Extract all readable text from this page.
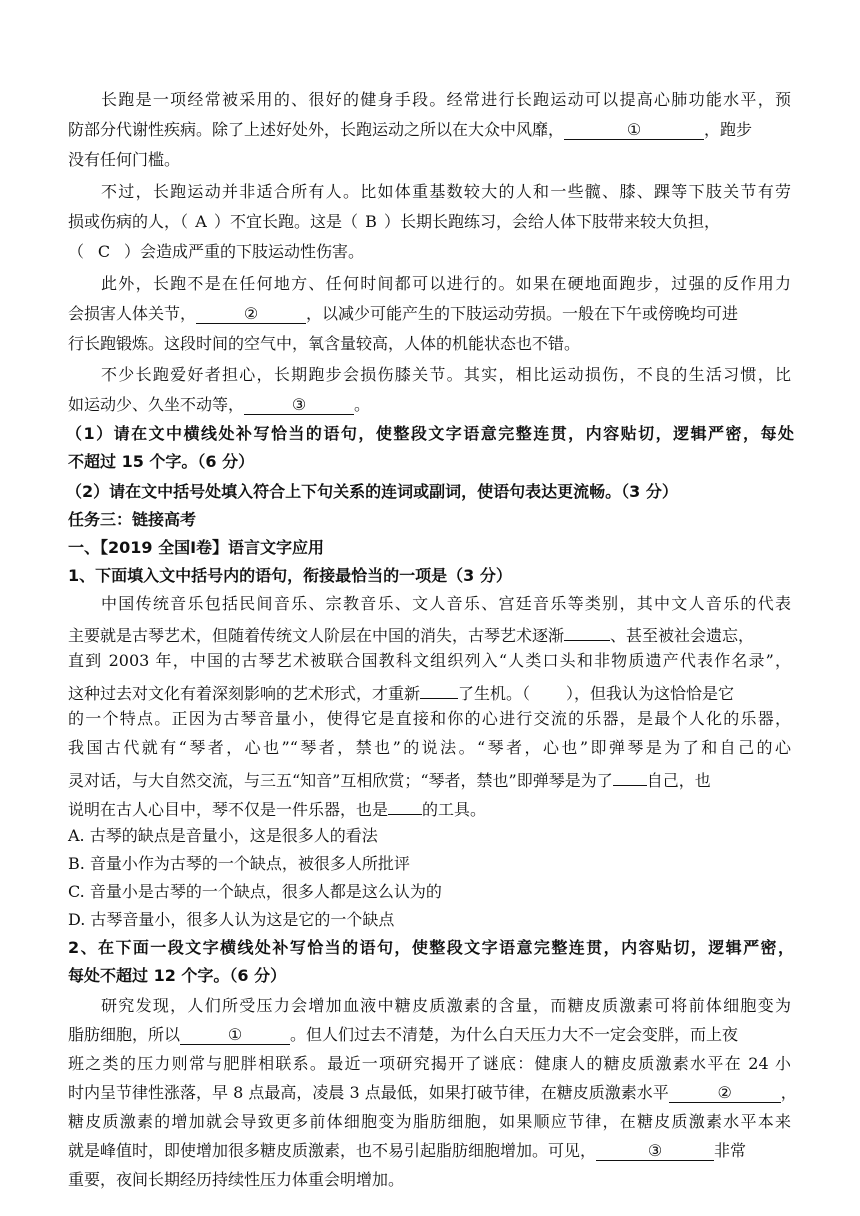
长跑是一项经常被采用的、很好的健身手段。经常进行长跑运动可以提高心肺功能水平，预
防部分代谢性疾病。除了上述好处外，长跑运动之所以在大众中风靡，	①	，跑步
没有任何门槛。
不过，长跑运动并非适合所有人。比如体重基数较大的人和一些髋、膝、踝等下肢关节有劳
损或伤病的人，（ A ）不宜长跑。这是（ B ）长期长跑练习，会给人体下肢带来较大负担，
（ C ）会造成严重的下肢运动性伤害。
此外，长跑不是在任何地方、任何时间都可以进行的。如果在硬地面跑步，过强的反作用力
会损害人体关节，	②	，以减少可能产生的下肢运动劳损。一般在下午或傍晚均可进
行长跑锻炼。这段时间的空气中，氧含量较高，人体的机能状态也不错。
不少长跑爱好者担心，长期跑步会损伤膝关节。其实，相比运动损伤，不良的生活习惯，比
如运动少、久坐不动等，	③	。
（1）请在文中横线处补写恰当的语句，使整段文字语意完整连贯，内容贴切，逻辑严密，每处
不超过 15 个字。（6 分）
（2）请在文中括号处填入符合上下句关系的连词或副词，使语句表达更流畅。（3 分）
任务三：链接高考
一、【2019 全国Ⅰ卷】语言文字应用
1、下面填入文中括号内的语句，衔接最恰当的一项是（3 分）
中国传统音乐包括民间音乐、宗教音乐、文人音乐、宫廷音乐等类别，其中文人音乐的代表
主要就是古琴艺术，但随着传统文人阶层在中国的消失，古琴艺术逐渐	、甚至被社会遗忘，
直到 2003 年，中国的古琴艺术被联合国教科文组织列入“人类口头和非物质遗产代表作名录”，
这种过去对文化有着深刻影响的艺术形式，才重新 了生机。（ ），但我认为这恰恰是它
的一个特点。正因为古琴音量小，使得它是直接和你的心进行交流的乐器，是最个人化的乐器，
我国古代就有“琴者，心也”“琴者，禁也”的说法。“琴者，心也”即弹琴是为了和自己的心
灵对话，与大自然交流，与三五“知音”互相欣赏；“琴者，禁也”即弹琴是为了 自己，也
说明在古人心目中，琴不仅是一件乐器，也是 的工具。
A. 古琴的缺点是音量小，这是很多人的看法
B. 音量小作为古琴的一个缺点，被很多人所批评
C. 音量小是古琴的一个缺点，很多人都是这么认为的
D. 古琴音量小，很多人认为这是它的一个缺点
2、在下面一段文字横线处补写恰当的语句，使整段文字语意完整连贯，内容贴切，逻辑严密，
每处不超过 12 个字。（6 分）
研究发现，人们所受压力会增加血液中糖皮质激素的含量，而糖皮质激素可将前体细胞变为
脂肪细胞，所以	①	。但人们过去不清楚，为什么白天压力大不一定会变胖，而上夜
班之类的压力则常与肥胖相联系。最近一项研究揭开了谜底：健康人的糖皮质激素水平在 24 小
时内呈节律性涨落，早 8 点最高，凌晨 3 点最低，如果打破节律，在糖皮质激素水平	②	，
糖皮质激素的增加就会导致更多前体细胞变为脂肪细胞，如果顺应节律，在糖皮质激素水平本来
就是峰值时，即使增加很多糖皮质激素，也不易引起脂肪细胞增加。可见，	③	非常
重要，夜间长期经历持续性压力体重会明增加。
